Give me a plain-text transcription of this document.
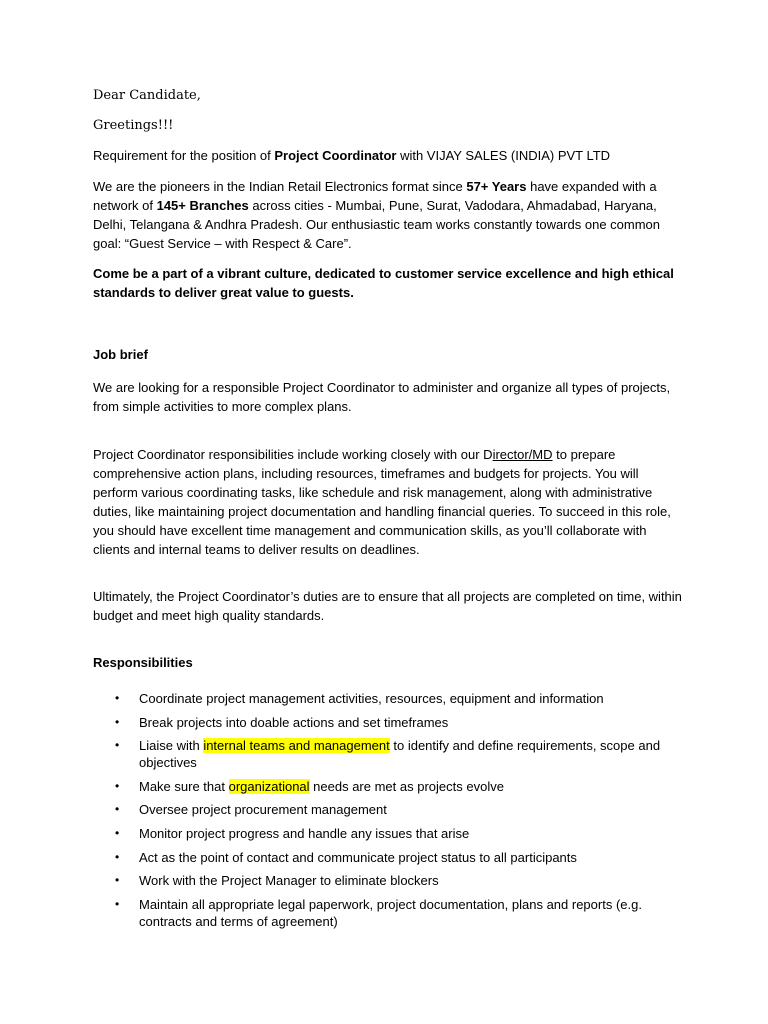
Dear Candidate,
Greetings!!!
Requirement for the position of Project Coordinator with VIJAY SALES (INDIA) PVT LTD
We are the pioneers in the Indian Retail Electronics format since 57+ Years have expanded with a network of 145+ Branches across cities - Mumbai, Pune, Surat, Vadodara, Ahmadabad, Haryana, Delhi, Telangana & Andhra Pradesh. Our enthusiastic team works constantly towards one common goal: “Guest Service – with Respect & Care”.
Come be a part of a vibrant culture, dedicated to customer service excellence and high ethical standards to deliver great value to guests.
Job brief
We are looking for a responsible Project Coordinator to administer and organize all types of projects, from simple activities to more complex plans.
Project Coordinator responsibilities include working closely with our Director/MD to prepare comprehensive action plans, including resources, timeframes and budgets for projects. You will perform various coordinating tasks, like schedule and risk management, along with administrative duties, like maintaining project documentation and handling financial queries. To succeed in this role, you should have excellent time management and communication skills, as you’ll collaborate with clients and internal teams to deliver results on deadlines.
Ultimately, the Project Coordinator’s duties are to ensure that all projects are completed on time, within budget and meet high quality standards.
Responsibilities
• Coordinate project management activities, resources, equipment and information
• Break projects into doable actions and set timeframes
• Liaise with internal teams and management to identify and define requirements, scope and objectives
• Make sure that organizational needs are met as projects evolve
• Oversee project procurement management
• Monitor project progress and handle any issues that arise
• Act as the point of contact and communicate project status to all participants
• Work with the Project Manager to eliminate blockers
• Maintain all appropriate legal paperwork, project documentation, plans and reports (e.g. contracts and terms of agreement)
